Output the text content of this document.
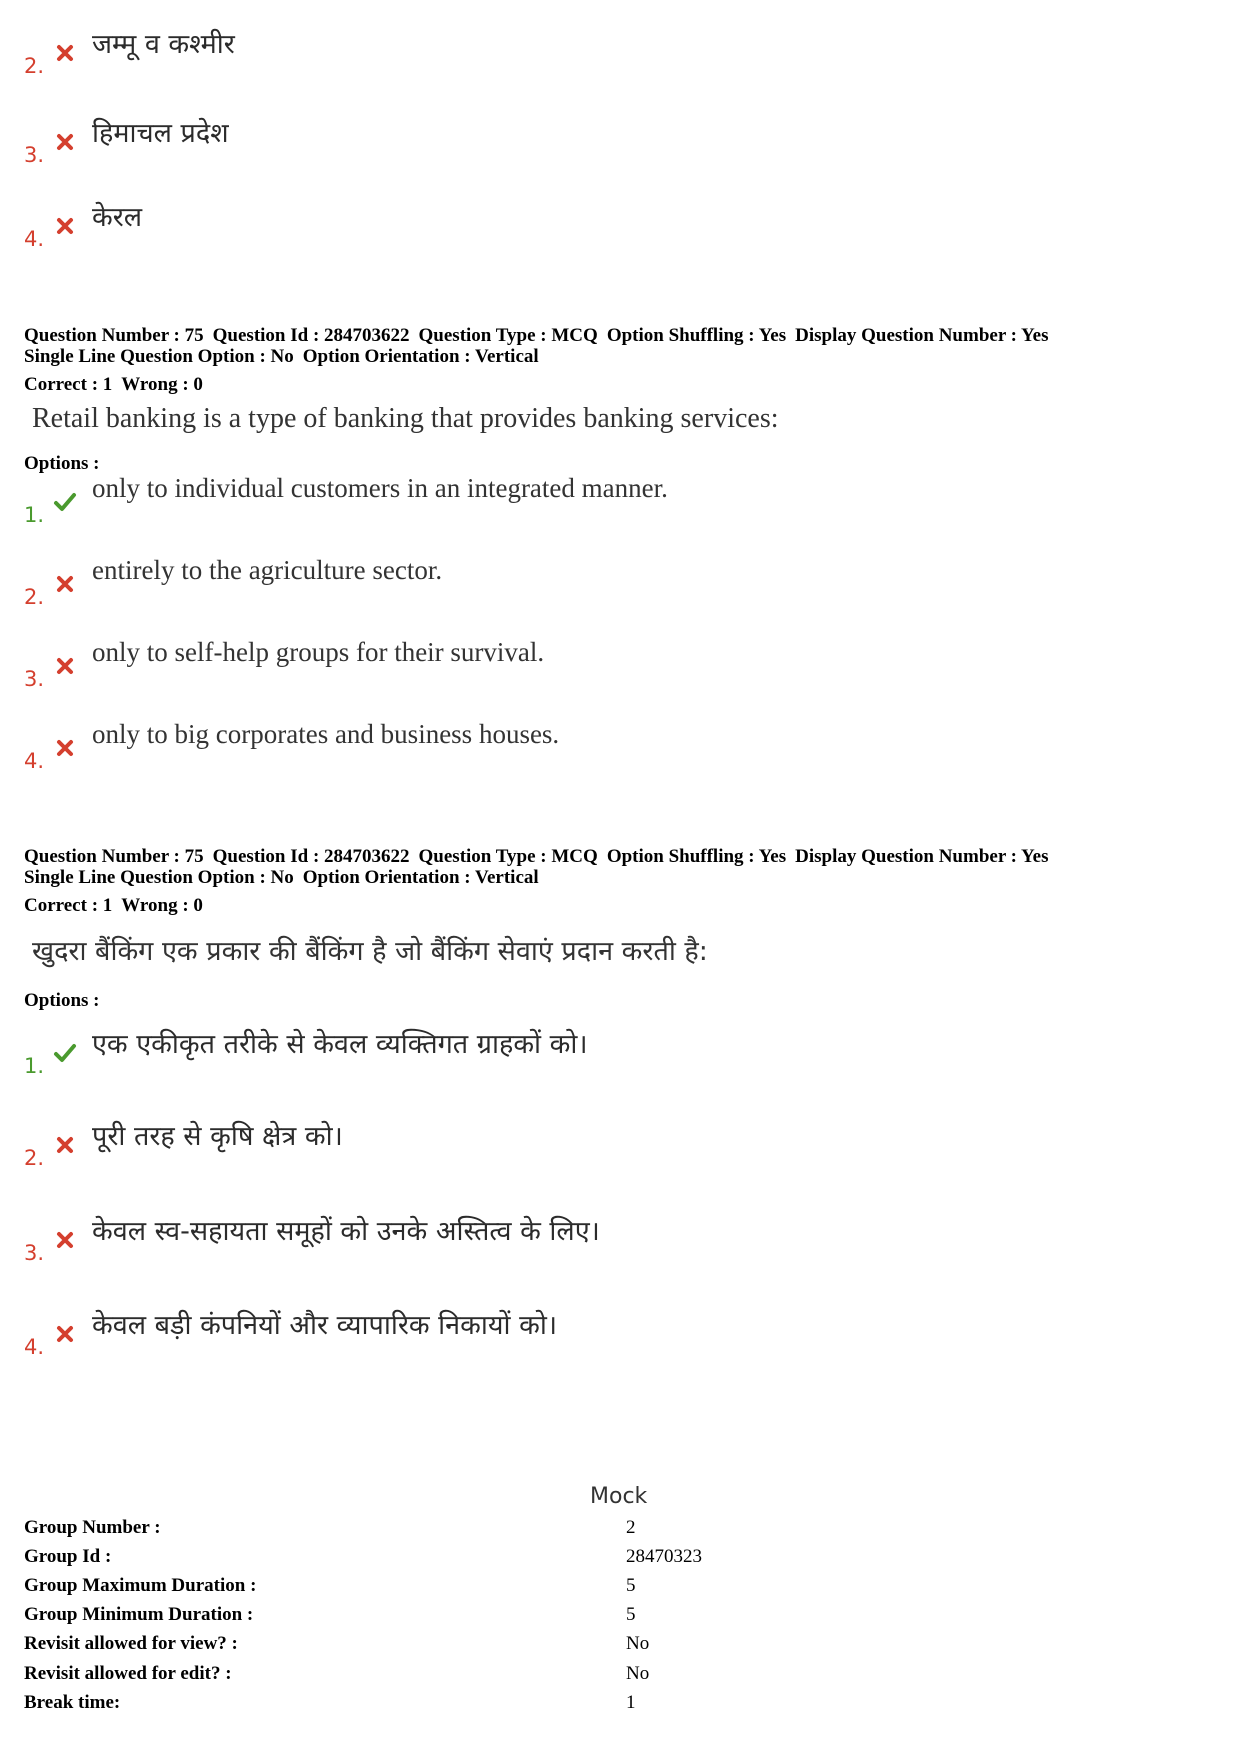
2.
जम्मू व कश्मीर
3.
हिमाचल प्रदेश
4.
केरल
Question Number : 75 Question Id : 284703622 Question Type : MCQ Option Shuffling : Yes Display Question Number : Yes
Single Line Question Option : No Option Orientation : Vertical
Correct : 1 Wrong : 0
Retail banking is a type of banking that provides banking services:
Options :
1.
only to individual customers in an integrated manner.
2.
entirely to the agriculture sector.
3.
only to self-help groups for their survival.
4.
only to big corporates and business houses.
Question Number : 75 Question Id : 284703622 Question Type : MCQ Option Shuffling : Yes Display Question Number : Yes
Single Line Question Option : No Option Orientation : Vertical
Correct : 1 Wrong : 0
खुदरा बैंकिंग एक प्रकार की बैंकिंग है जो बैंकिंग सेवाएं प्रदान करती है:
Options :
1.
एक एकीकृत तरीके से केवल व्यक्तिगत ग्राहकों को।
2.
पूरी तरह से कृषि क्षेत्र को।
3.
केवल स्व-सहायता समूहों को उनके अस्तित्व के लिए।
4.
केवल बड़ी कंपनियों और व्यापारिक निकायों को।
Mock
Group Number :	2
Group Id :	28470323
Group Maximum Duration :	5
Group Minimum Duration :	5
Revisit allowed for view? :	No
Revisit allowed for edit? :	No
Break time:	1
